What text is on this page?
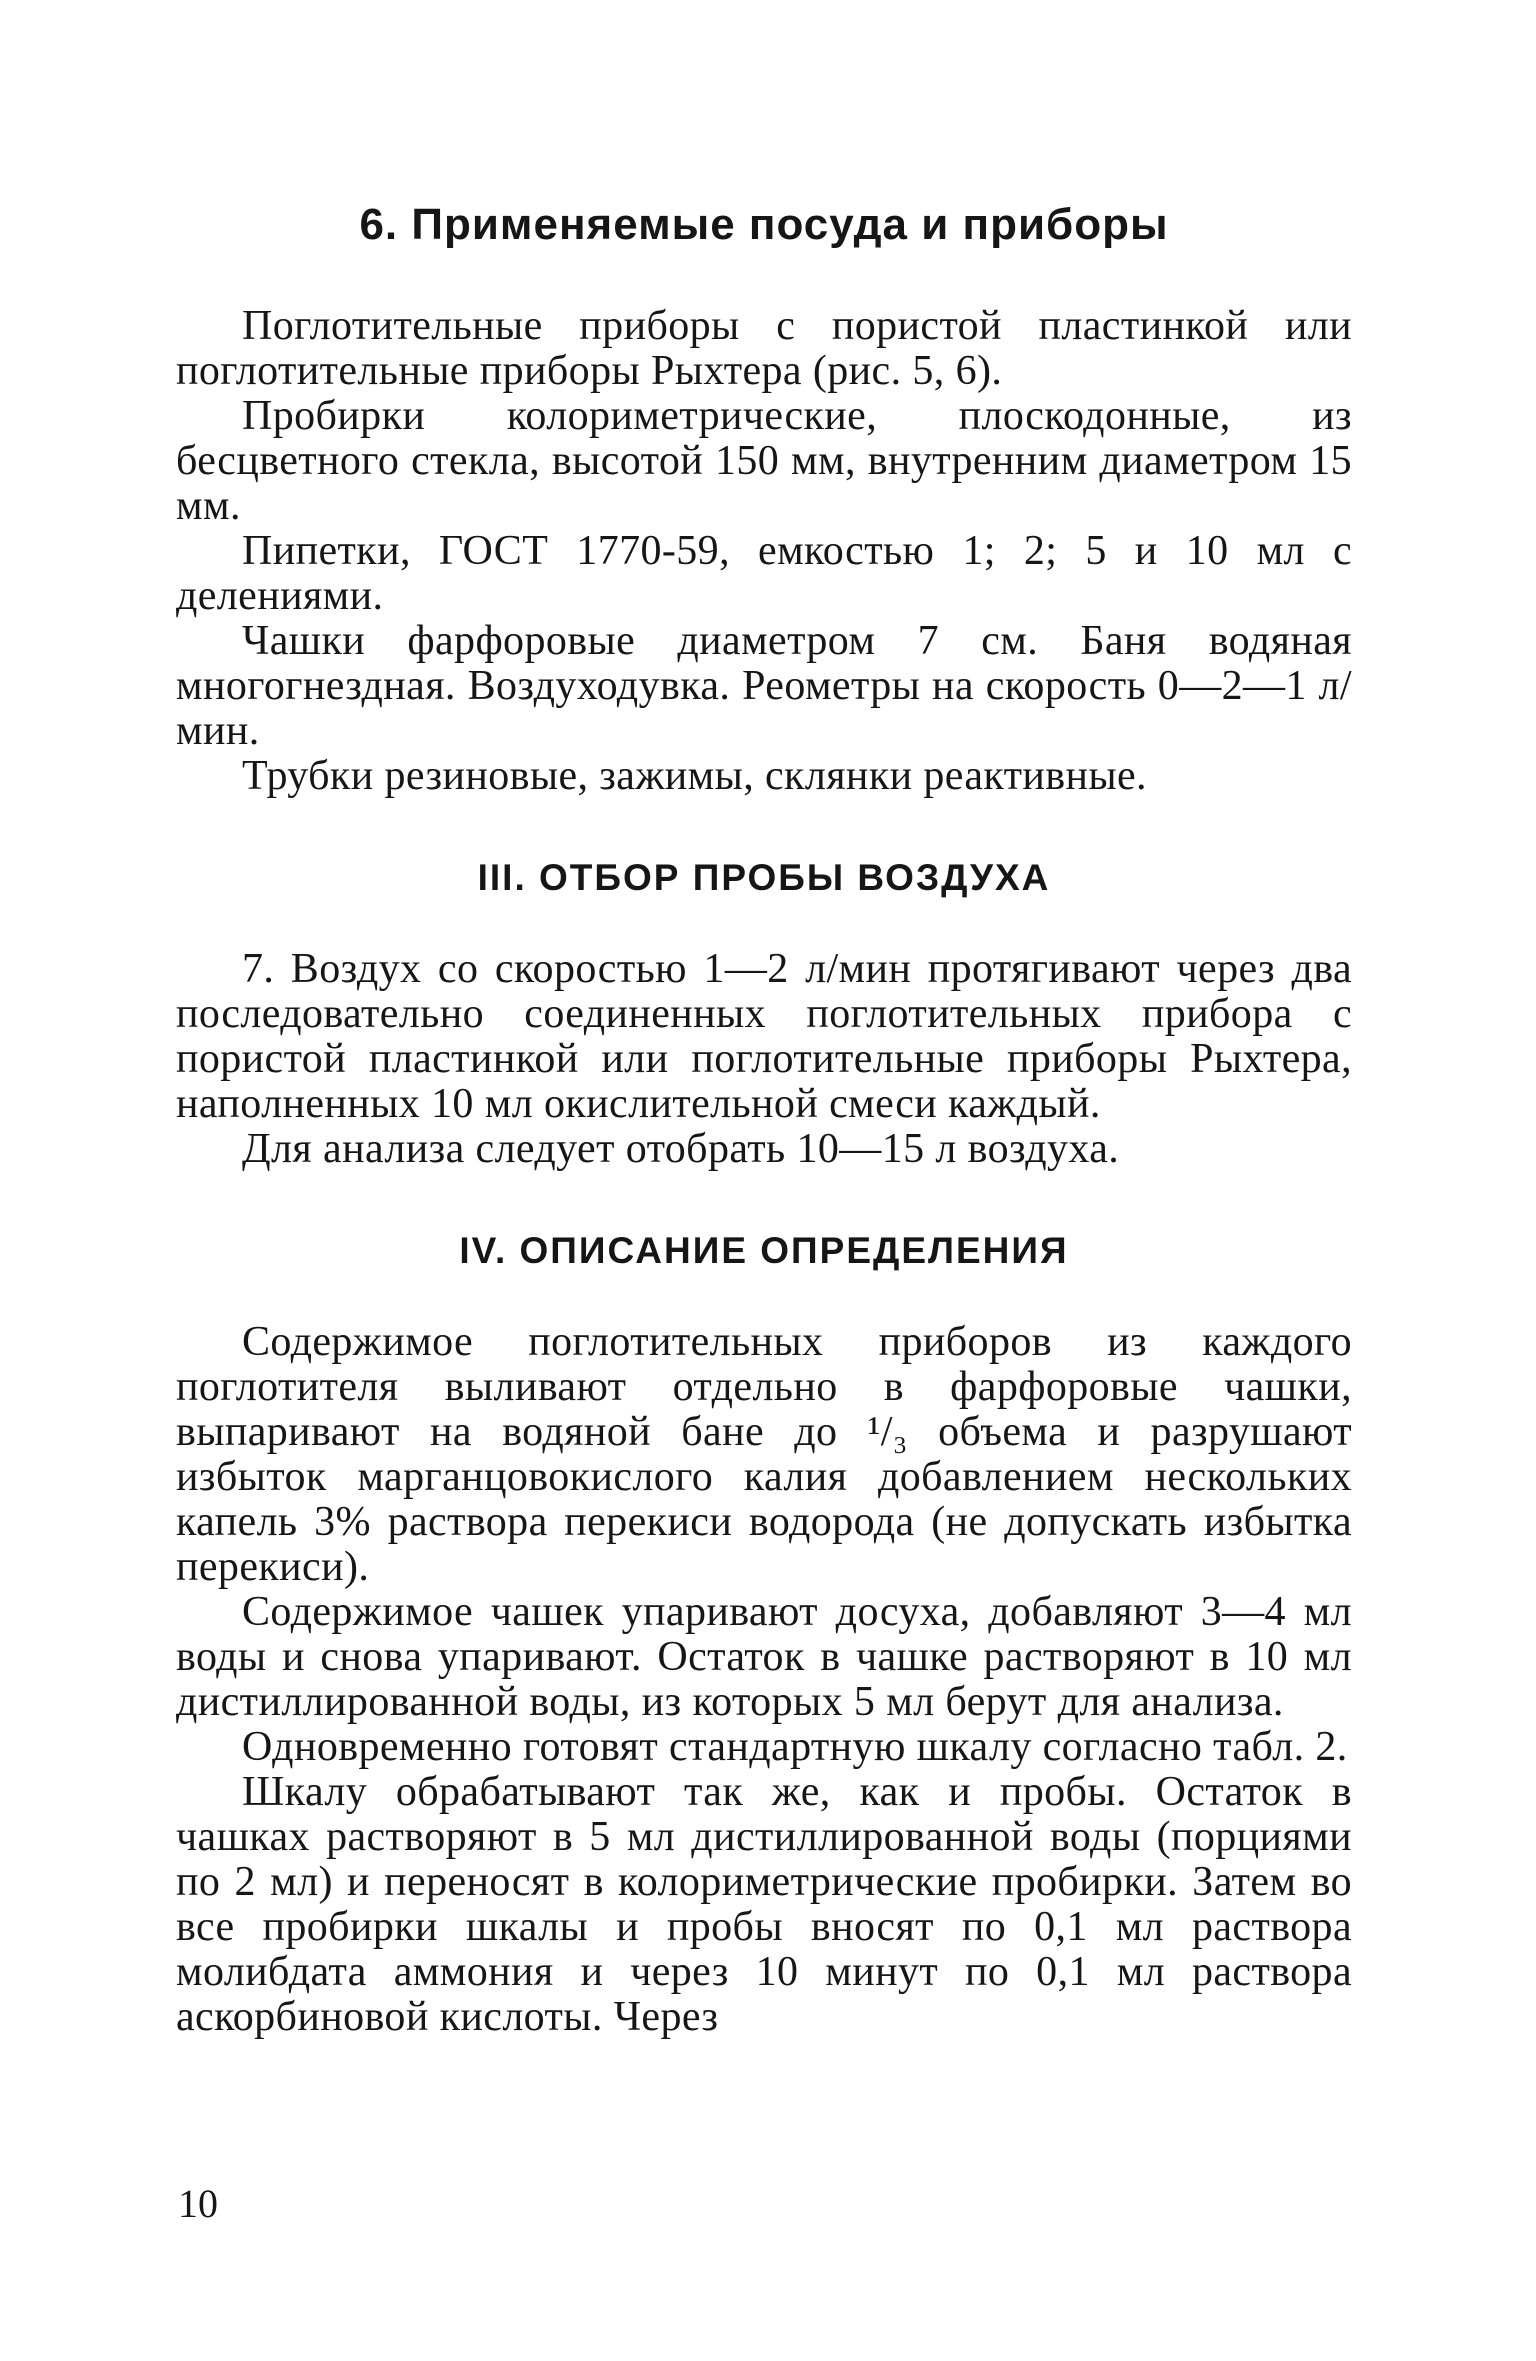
6. Применяемые посуда и приборы

Поглотительные приборы с пористой пластинкой или поглотительные приборы Рыхтера (рис. 5, 6).

Пробирки колориметрические, плоскодонные, из бесцветного стекла, высотой 150 мм, внутренним диаметром 15 мм.

Пипетки, ГОСТ 1770-59, емкостью 1; 2; 5 и 10 мл с делениями.

Чашки фарфоровые диаметром 7 см. Баня водяная многогнездная. Воздуходувка. Реометры на скорость 0—2—1 л/мин.

Трубки резиновые, зажимы, склянки реактивные.

III. ОТБОР ПРОБЫ ВОЗДУХА

7. Воздух со скоростью 1—2 л/мин протягивают через два последовательно соединенных поглотительных прибора с пористой пластинкой или поглотительные приборы Рыхтера, наполненных 10 мл окислительной смеси каждый.

Для анализа следует отобрать 10—15 л воздуха.

IV. ОПИСАНИЕ ОПРЕДЕЛЕНИЯ

Содержимое поглотительных приборов из каждого поглотителя выливают отдельно в фарфоровые чашки, выпаривают на водяной бане до ¹/₃ объема и разрушают избыток марганцовокислого калия добавлением нескольких капель 3% раствора перекиси водорода (не допускать избытка перекиси).

Содержимое чашек упаривают досуха, добавляют 3—4 мл воды и снова упаривают. Остаток в чашке растворяют в 10 мл дистиллированной воды, из которых 5 мл берут для анализа.

Одновременно готовят стандартную шкалу согласно табл. 2.

Шкалу обрабатывают так же, как и пробы. Остаток в чашках растворяют в 5 мл дистиллированной воды (порциями по 2 мл) и переносят в колориметрические пробирки. Затем во все пробирки шкалы и пробы вносят по 0,1 мл раствора молибдата аммония и через 10 минут по 0,1 мл раствора аскорбиновой кислоты. Через

10
